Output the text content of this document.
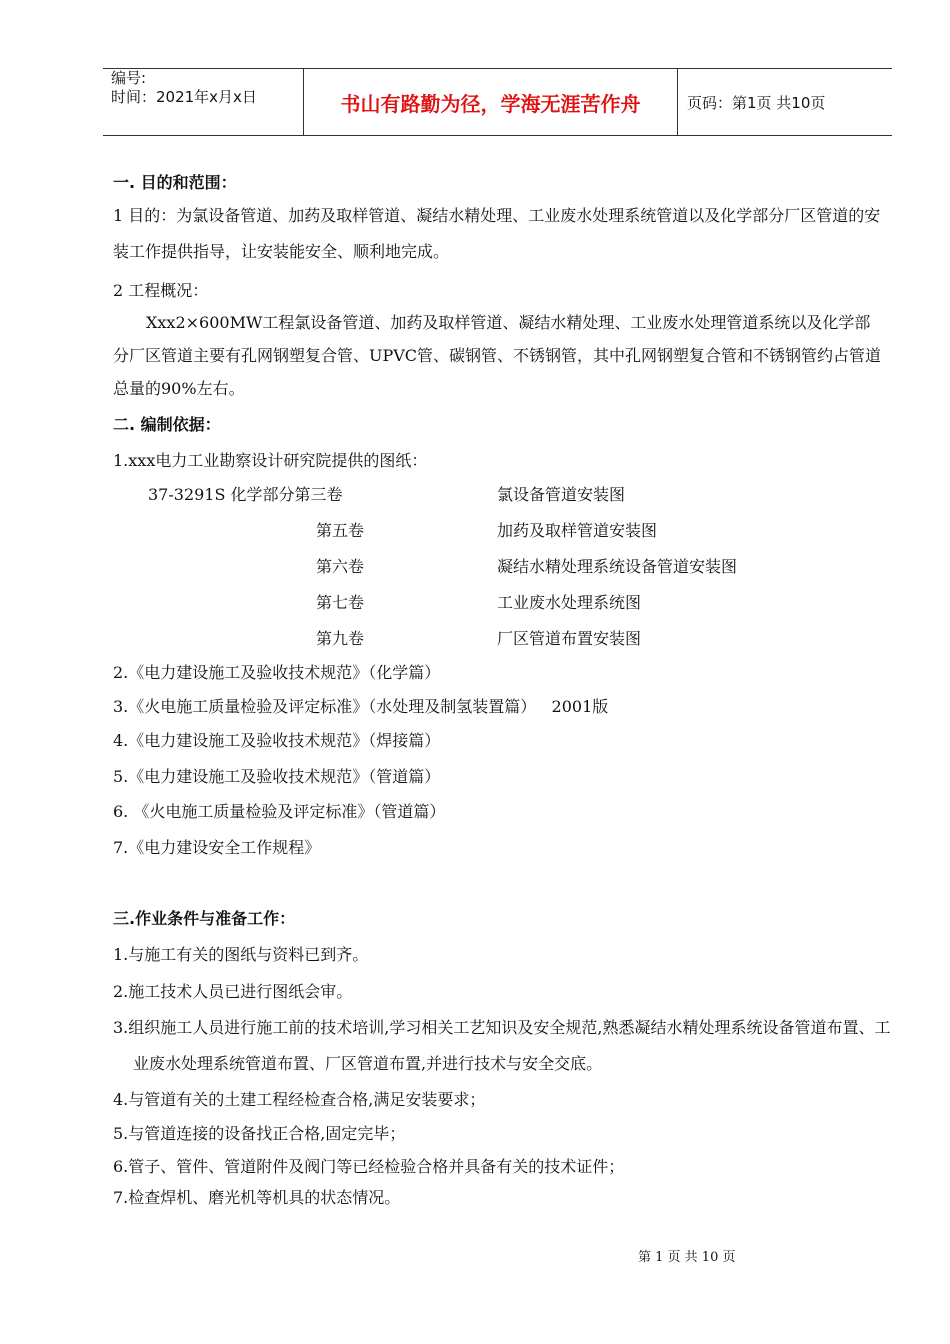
编号:
时间：2021年x月x日	书山有路勤为径，学海无涯苦作舟	页码：第1页 共10页
一. 目的和范围：
1 目的：为氯设备管道、加药及取样管道、凝结水精处理、工业废水处理系统管道以及化学部分厂区管道的安装工作提供指导，让安装能安全、顺利地完成。
2 工程概况：
Xxx2×600MW工程氯设备管道、加药及取样管道、凝结水精处理、工业废水处理管道系统以及化学部分厂区管道主要有孔网钢塑复合管、UPVC管、碳钢管、不锈钢管，其中孔网钢塑复合管和不锈钢管约占管道总量的90%左右。
二. 编制依据：
1.xxx电力工业勘察设计研究院提供的图纸：
37-3291S 化学部分第三卷	氯设备管道安装图
第五卷	加药及取样管道安装图
第六卷	凝结水精处理系统设备管道安装图
第七卷	工业废水处理系统图
第九卷	厂区管道布置安装图
2.《电力建设施工及验收技术规范》（化学篇）
3.《火电施工质量检验及评定标准》（水处理及制氢装置篇）   2001版
4.《电力建设施工及验收技术规范》（焊接篇）
5.《电力建设施工及验收技术规范》（管道篇）
6. 《火电施工质量检验及评定标准》（管道篇）
7.《电力建设安全工作规程》
三.作业条件与准备工作：
1.与施工有关的图纸与资料已到齐。
2.施工技术人员已进行图纸会审。
3.组织施工人员进行施工前的技术培训,学习相关工艺知识及安全规范,熟悉凝结水精处理系统设备管道布置、工业废水处理系统管道布置、厂区管道布置,并进行技术与安全交底。
4.与管道有关的土建工程经检查合格,满足安装要求；
5.与管道连接的设备找正合格,固定完毕；
6.管子、管件、管道附件及阀门等已经检验合格并具备有关的技术证件；
7.检查焊机、磨光机等机具的状态情况。
第 1 页 共 10 页
